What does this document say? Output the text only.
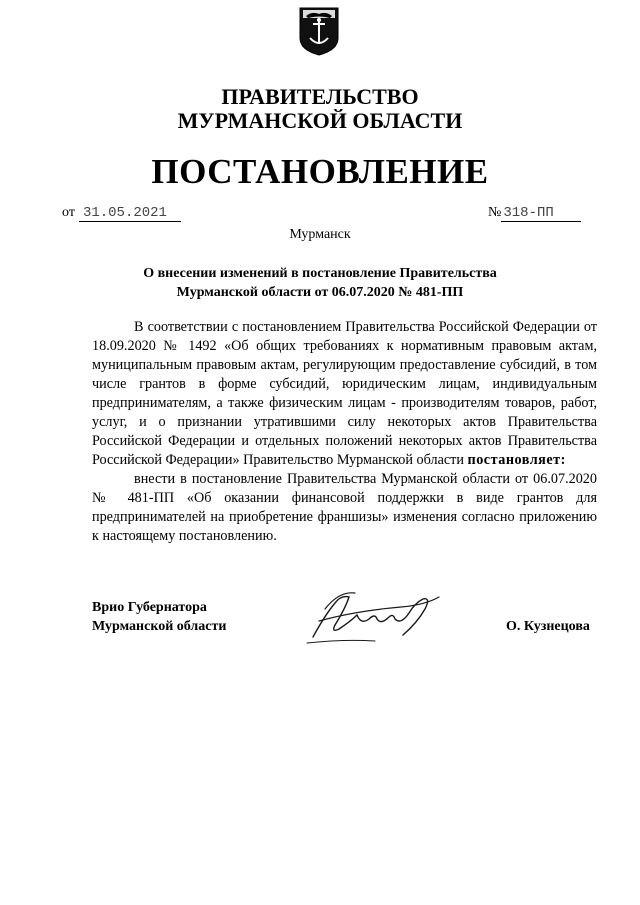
ПРАВИТЕЛЬСТВО
МУРМАНСКОЙ ОБЛАСТИ
ПОСТАНОВЛЕНИЕ
от 31.05.2021	№ 318-ПП
Мурманск
О внесении изменений в постановление Правительства
Мурманской области от 06.07.2020 № 481-ПП

В соответствии с постановлением Правительства Российской Федерации от 18.09.2020 № 1492 «Об общих требованиях к нормативным правовым актам, муниципальным правовым актам, регулирующим предоставление субсидий, в том числе грантов в форме субсидий, юридическим лицам, индивидуальным предпринимателям, а также физическим лицам - производителям товаров, работ, услуг, и о признании утратившими силу некоторых актов Правительства Российской Федерации и отдельных положений некоторых актов Правительства Российской Федерации» Правительство Мурманской области постановляет:

внести в постановление Правительства Мурманской области от 06.07.2020 № 481-ПП «Об оказании финансовой поддержки в виде грантов для предпринимателей на приобретение франшизы» изменения согласно приложению к настоящему постановлению.

Врио Губернатора
Мурманской области	О. Кузнецова
